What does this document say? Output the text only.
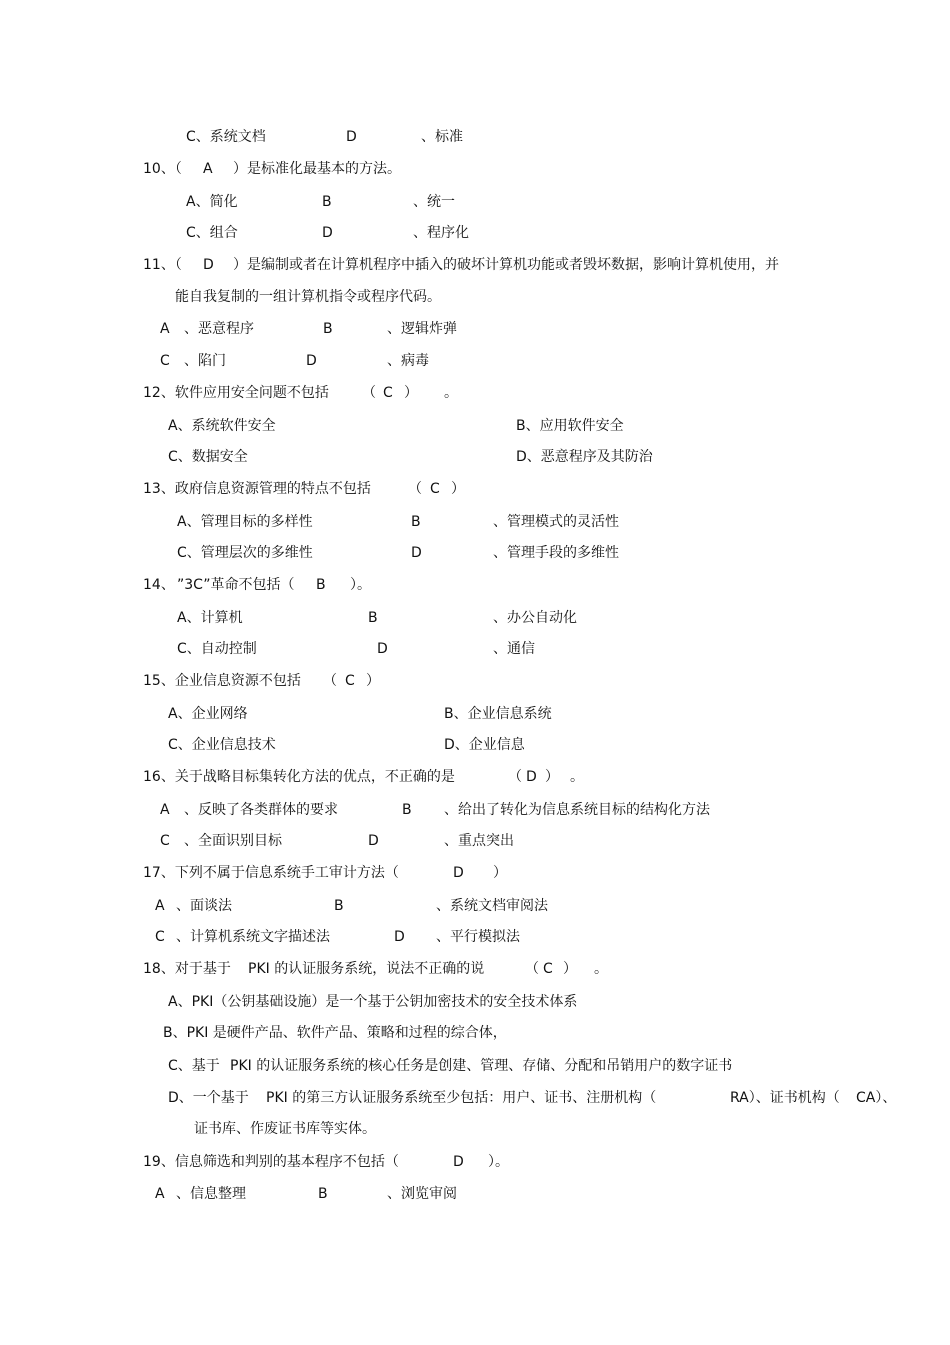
C、系统文档	D	、标准
10、（ A ）是标准化最基本的方法。
A、简化	B	、统一
C、组合	D	、程序化
11、（ D ）是编制或者在计算机程序中插入的破坏计算机功能或者毁坏数据，影响计算机使用，并
能自我复制的一组计算机指令或程序代码。
A 、恶意程序	B	、逻辑炸弹
C 、陷门	D	、病毒
12、软件应用安全问题不包括 （ C ） 。
A、系统软件安全	B、应用软件安全
C、数据安全	D、恶意程序及其防治
13、政府信息资源管理的特点不包括	（ C ）
A、管理目标的多样性	B	、管理模式的灵活性
C、管理层次的多维性	D	、管理手段的多维性
14、 ”3C”革命不包括（ B ）。
A、计算机	B	、办公自动化
C、自动控制	D	、通信
15、企业信息资源不包括 （ C ）
A、企业网络	B、企业信息系统
C、企业信息技术	D、企业信息
16、关于战略目标集转化方法的优点，不正确的是	（ D ） 。
A 、反映了各类群体的要求	B 、给出了转化为信息系统目标的结构化方法
C 、全面识别目标	D	、重点突出
17、下列不属于信息系统手工审计方法（	D ）
A 、面谈法	B	、系统文档审阅法
C 、计算机系统文字描述法	D 、平行模拟法
18、对于基于 PKI 的认证服务系统，说法不正确的说	（ C ） 。
A、PKI（公钥基础设施）是一个基于公钥加密技术的安全技术体系
B、PKI 是硬件产品、软件产品、策略和过程的综合体，
C、基于 PKI 的认证服务系统的核心任务是创建、管理、存储、分配和吊销用户的数字证书
D、一个基于 PKI 的第三方认证服务系统至少包括：用户、证书、注册机构（	RA）、证书机构（ CA）、
证书库、作废证书库等实体。
19、信息筛选和判别的基本程序不包括（	D ）。
A 、信息整理	B	、浏览审阅
